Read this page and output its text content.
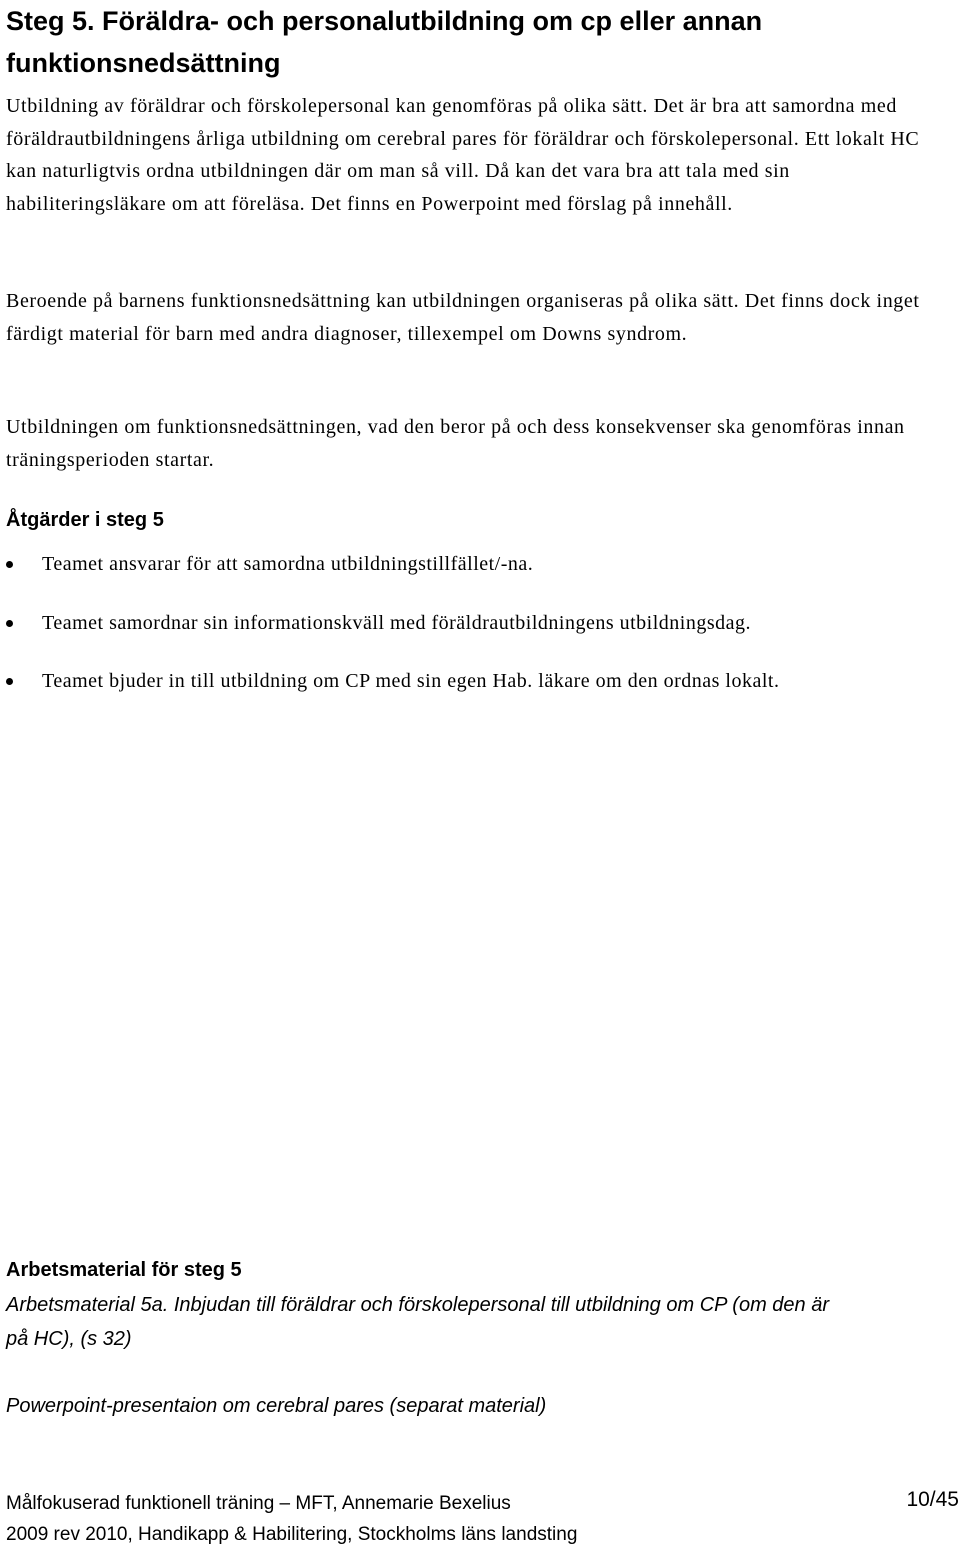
Steg 5. Föräldra- och personalutbildning om cp eller annan funktionsnedsättning
Utbildning av föräldrar och förskolepersonal kan genomföras på olika sätt. Det är bra att samordna med föräldrautbildningens årliga utbildning om cerebral pares för föräldrar och förskolepersonal. Ett lokalt HC kan naturligtvis ordna utbildningen där om man så vill. Då kan det vara bra att tala med sin habiliteringsläkare om att föreläsa. Det finns en Powerpoint med förslag på innehåll.
Beroende på barnens funktionsnedsättning kan utbildningen organiseras på olika sätt. Det finns dock inget färdigt material för barn med andra diagnoser, tillexempel om Downs syndrom.
Utbildningen om funktionsnedsättningen, vad den beror på och dess konsekvenser ska genomföras innan träningsperioden startar.
Åtgärder i steg 5
Teamet ansvarar för att samordna utbildningstillfället/-na.
Teamet samordnar sin informationskväll med föräldrautbildningens utbildningsdag.
Teamet bjuder in till utbildning om CP med sin egen Hab. läkare om den ordnas lokalt.
Arbetsmaterial för steg 5
Arbetsmaterial 5a. Inbjudan till föräldrar och förskolepersonal till utbildning om CP (om den är på HC), (s 32)
Powerpoint-presentaion om cerebral pares (separat material)
Målfokuserad funktionell träning – MFT, Annemarie Bexelius
2009 rev 2010, Handikapp & Habilitering, Stockholms läns landsting
10/45
